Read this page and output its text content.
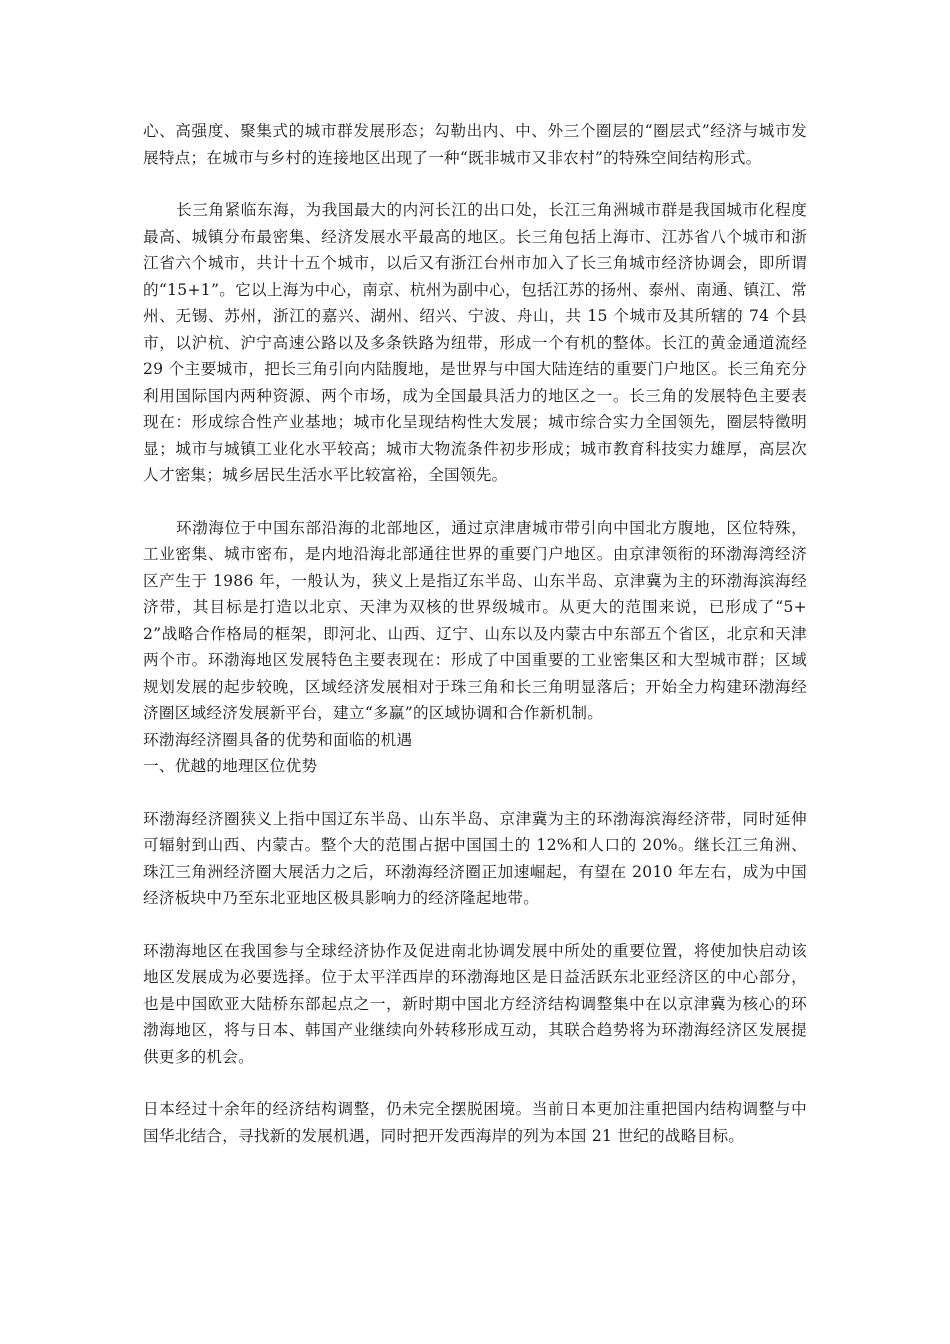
心、高强度、聚集式的城市群发展形态；勾勒出内、中、外三个圈层的“圈层式”经济与城市发展特点；在城市与乡村的连接地区出现了一种“既非城市又非农村”的特殊空间结构形式。

长三角紧临东海，为我国最大的内河长江的出口处，长江三角洲城市群是我国城市化程度最高、城镇分布最密集、经济发展水平最高的地区。长三角包括上海市、江苏省八个城市和浙江省六个城市，共计十五个城市，以后又有浙江台州市加入了长三角城市经济协调会，即所谓的“15+1”。它以上海为中心，南京、杭州为副中心，包括江苏的扬州、泰州、南通、镇江、常州、无锡、苏州，浙江的嘉兴、湖州、绍兴、宁波、舟山，共 15 个城市及其所辖的 74 个县市，以沪杭、沪宁高速公路以及多条铁路为纽带，形成一个有机的整体。长江的黄金通道流经 29 个主要城市，把长三角引向内陆腹地，是世界与中国大陆连结的重要门户地区。长三角充分利用国际国内两种资源、两个市场，成为全国最具活力的地区之一。长三角的发展特色主要表现在：形成综合性产业基地；城市化呈现结构性大发展；城市综合实力全国领先，圈层特徵明显；城市与城镇工业化水平较高；城市大物流条件初步形成；城市教育科技实力雄厚，高层次人才密集；城乡居民生活水平比较富裕，全国领先。

环渤海位于中国东部沿海的北部地区，通过京津唐城市带引向中国北方腹地，区位特殊，工业密集、城市密布，是内地沿海北部通往世界的重要门户地区。由京津领衔的环渤海湾经济区产生于 1986 年，一般认为，狭义上是指辽东半岛、山东半岛、京津冀为主的环渤海滨海经济带，其目标是打造以北京、天津为双核的世界级城市。从更大的范围来说，已形成了“5+2”战略合作格局的框架，即河北、山西、辽宁、山东以及内蒙古中东部五个省区，北京和天津两个市。环渤海地区发展特色主要表现在：形成了中国重要的工业密集区和大型城市群；区域规划发展的起步较晚，区域经济发展相对于珠三角和长三角明显落后；开始全力构建环渤海经济圈区域经济发展新平台，建立“多赢”的区域协调和合作新机制。

环渤海经济圈具备的优势和面临的机遇

一、优越的地理区位优势

环渤海经济圈狭义上指中国辽东半岛、山东半岛、京津冀为主的环渤海滨海经济带，同时延伸可辐射到山西、内蒙古。整个大的范围占据中国国土的 12%和人口的 20%。继长江三角洲、珠江三角洲经济圈大展活力之后，环渤海经济圈正加速崛起，有望在 2010 年左右，成为中国经济板块中乃至东北亚地区极具影响力的经济隆起地带。

环渤海地区在我国参与全球经济协作及促进南北协调发展中所处的重要位置，将使加快启动该地区发展成为必要选择。位于太平洋西岸的环渤海地区是日益活跃东北亚经济区的中心部分，也是中国欧亚大陆桥东部起点之一，新时期中国北方经济结构调整集中在以京津冀为核心的环渤海地区，将与日本、韩国产业继续向外转移形成互动，其联合趋势将为环渤海经济区发展提供更多的机会。

日本经过十余年的经济结构调整，仍未完全摆脱困境。当前日本更加注重把国内结构调整与中国华北结合，寻找新的发展机遇，同时把开发西海岸的列为本国 21 世纪的战略目标。
